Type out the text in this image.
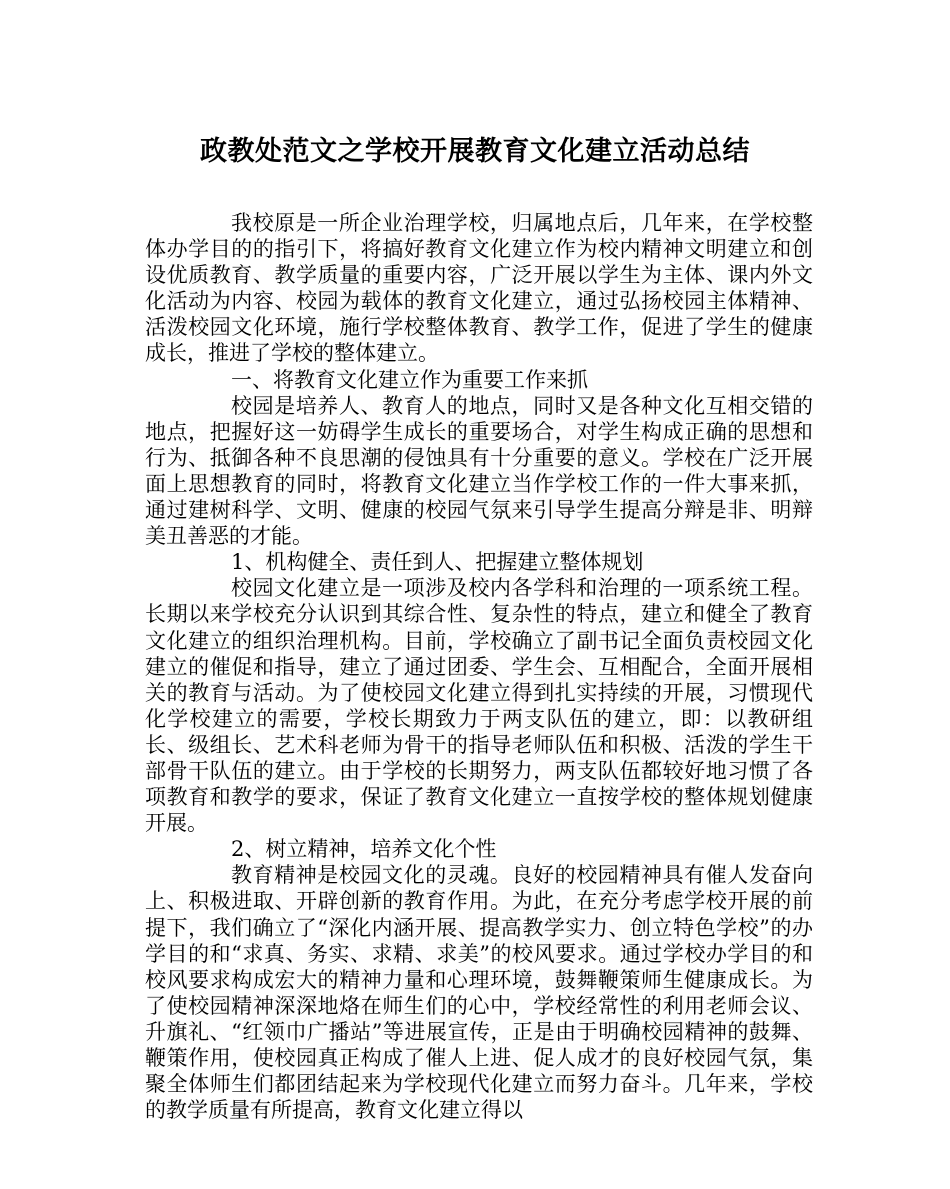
政教处范文之学校开展教育文化建立活动总结

我校原是一所企业治理学校，归属地点后，几年来，在学校整体办学目的的指引下，将搞好教育文化建立作为校内精神文明建立和创设优质教育、教学质量的重要内容，广泛开展以学生为主体、课内外文化活动为内容、校园为载体的教育文化建立，通过弘扬校园主体精神、活泼校园文化环境，施行学校整体教育、教学工作，促进了学生的健康成长，推进了学校的整体建立。

一、将教育文化建立作为重要工作来抓

校园是培养人、教育人的地点，同时又是各种文化互相交错的地点，把握好这一妨碍学生成长的重要场合，对学生构成正确的思想和行为、抵御各种不良思潮的侵蚀具有十分重要的意义。学校在广泛开展面上思想教育的同时，将教育文化建立当作学校工作的一件大事来抓，通过建树科学、文明、健康的校园气氛来引导学生提高分辩是非、明辩美丑善恶的才能。

1、机构健全、责任到人、把握建立整体规划

校园文化建立是一项涉及校内各学科和治理的一项系统工程。长期以来学校充分认识到其综合性、复杂性的特点，建立和健全了教育文化建立的组织治理机构。目前，学校确立了副书记全面负责校园文化建立的催促和指导，建立了通过团委、学生会、互相配合，全面开展相关的教育与活动。为了使校园文化建立得到扎实持续的开展，习惯现代化学校建立的需要，学校长期致力于两支队伍的建立，即：以教研组长、级组长、艺术科老师为骨干的指导老师队伍和积极、活泼的学生干部骨干队伍的建立。由于学校的长期努力，两支队伍都较好地习惯了各项教育和教学的要求，保证了教育文化建立一直按学校的整体规划健康开展。

2、树立精神，培养文化个性

教育精神是校园文化的灵魂。良好的校园精神具有催人发奋向上、积极进取、开辟创新的教育作用。为此，在充分考虑学校开展的前提下，我们确立了“深化内涵开展、提高教学实力、创立特色学校”的办学目的和“求真、务实、求精、求美”的校风要求。通过学校办学目的和校风要求构成宏大的精神力量和心理环境，鼓舞鞭策师生健康成长。为了使校园精神深深地烙在师生们的心中，学校经常性的利用老师会议、升旗礼、“红领巾广播站”等进展宣传，正是由于明确校园精神的鼓舞、鞭策作用，使校园真正构成了催人上进、促人成才的良好校园气氛，集聚全体师生们都团结起来为学校现代化建立而努力奋斗。几年来，学校的教学质量有所提高，教育文化建立得以
